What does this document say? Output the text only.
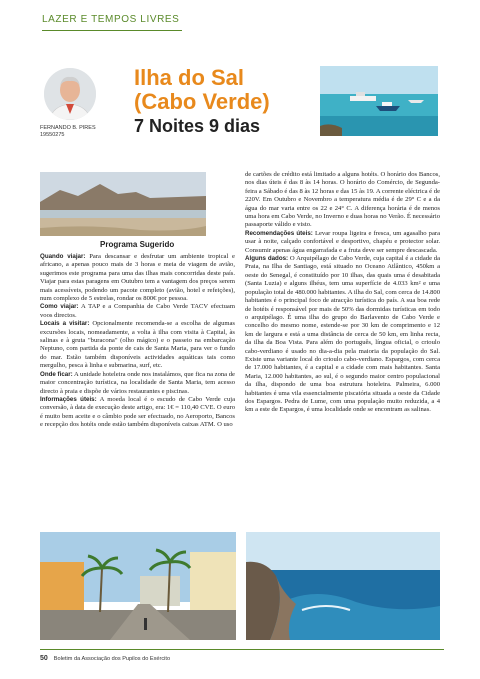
LAZER E TEMPOS LIVRES
FERNANDO B. PIRES
19550275
Ilha do Sal
(Cabo Verde)
7 Noites 9 dias
Programa Sugerido

Quando viajar: Para descansar e desfrutar um ambiente tropical e africano, a apenas pouco mais de 3 horas e meia de viagem de avião, sugerimos este programa para uma das ilhas mais concorridas deste país. Viajar para estas paragens em Outubro tem a vantagem dos preços serem mais acessíveis, podendo um pacote completo (avião, hotel e refeições), num complexo de 5 estrelas, rondar os 800€ por pessoa.

Como viajar: A TAP e a Companhia de Cabo Verde TACV efectuam voos directos.

Locais a visitar: Opcionalmente recomenda-se a escolha de algumas excursões locais, nomeadamente, a volta à ilha com visita à Capital, às salinas e à gruta "buracona" (olho mágico) e o passeio na embarcação Neptuno, com partida da ponte de cais de Santa Maria, para ver o fundo do mar. Estão também disponíveis actividades aquáticas tais como mergulho, pesca à linha e submarina, surf, etc.

Onde ficar: A unidade hoteleira onde nos instalámos, que fica na zona de maior concentração turística, na localidade de Santa Maria, tem acesso directo à praia e dispõe de vários restaurantes e piscinas.

Informações úteis: A moeda local é o escudo de Cabo Verde cuja conversão, à data de execução deste artigo, era: 1€ = 110,40 CVE. O euro é muito bem aceite e o câmbio pode ser efectuado, no Aeroporto, Bancos e recepção dos hotéis onde estão também disponíveis caixas ATM. O uso

de cartões de crédito está limitado a alguns hotéis. O horário dos Bancos, nos dias úteis é das 8 às 14 horas. O horário do Comércio, de Segunda-feira a Sábado é das 8 às 12 horas e das 15 às 19. A corrente eléctrica é de 220V. Em Outubro e Novembro a temperatura média é de 29° C e a da água do mar varia entre os 22 e 24° C. A diferença horária é de menos uma hora em Cabo Verde, no Inverno e duas horas no Verão. É necessário passaporte válido e visto.

Recomendações úteis: Levar roupa ligeira e fresca, um agasalho para usar à noite, calçado confortável e desportivo, chapéu e protector solar. Consumir apenas água engarrafada e a fruta deve ser sempre descascada.

Alguns dados: O Arquipélago de Cabo Verde, cuja capital é a cidade da Praia, na Ilha de Santiago, está situado no Oceano Atlântico, 450km a oeste do Senegal, é constituído por 10 ilhas, das quais uma é desabitada (Santa Luzia) e alguns ilhéus, tem uma superfície de 4.033 km² e uma população total de 480.000 habitantes. A ilha do Sal, com cerca de 14.800 habitantes é o principal foco de atracção turística do país. A sua boa rede de hotéis é responsável por mais de 50% das dormidas turísticas em todo o arquipélago. É uma ilha do grupo do Barlavento de Cabo Verde e concelho do mesmo nome, estende-se por 30 km de comprimento e 12 km de largura e está a uma distância de cerca de 50 km, em linha recta, da ilha da Boa Vista. Para além do português, língua oficial, o crioulo cabo-verdiano é usado no dia-a-dia pela maioria da população do Sal. Existe uma variante local do crioulo cabo-verdiano. Espargos, com cerca de 17.000 habitantes, é a capital e a cidade com mais habitantes. Santa Maria, 12.000 habitantes, ao sul, é o segundo maior centro populacional da ilha, dispondo de uma boa estrutura hoteleira. Palmeira, 6.000 habitantes é uma vila essencialmente piscatória situada a oeste da Cidade dos Espargos. Pedra de Lume, com uma população muito reduzida, a 4 km a este de Espargos, é uma localidade onde se encontram as salinas.

50 Boletim da Associação dos Pupilos do Exército
